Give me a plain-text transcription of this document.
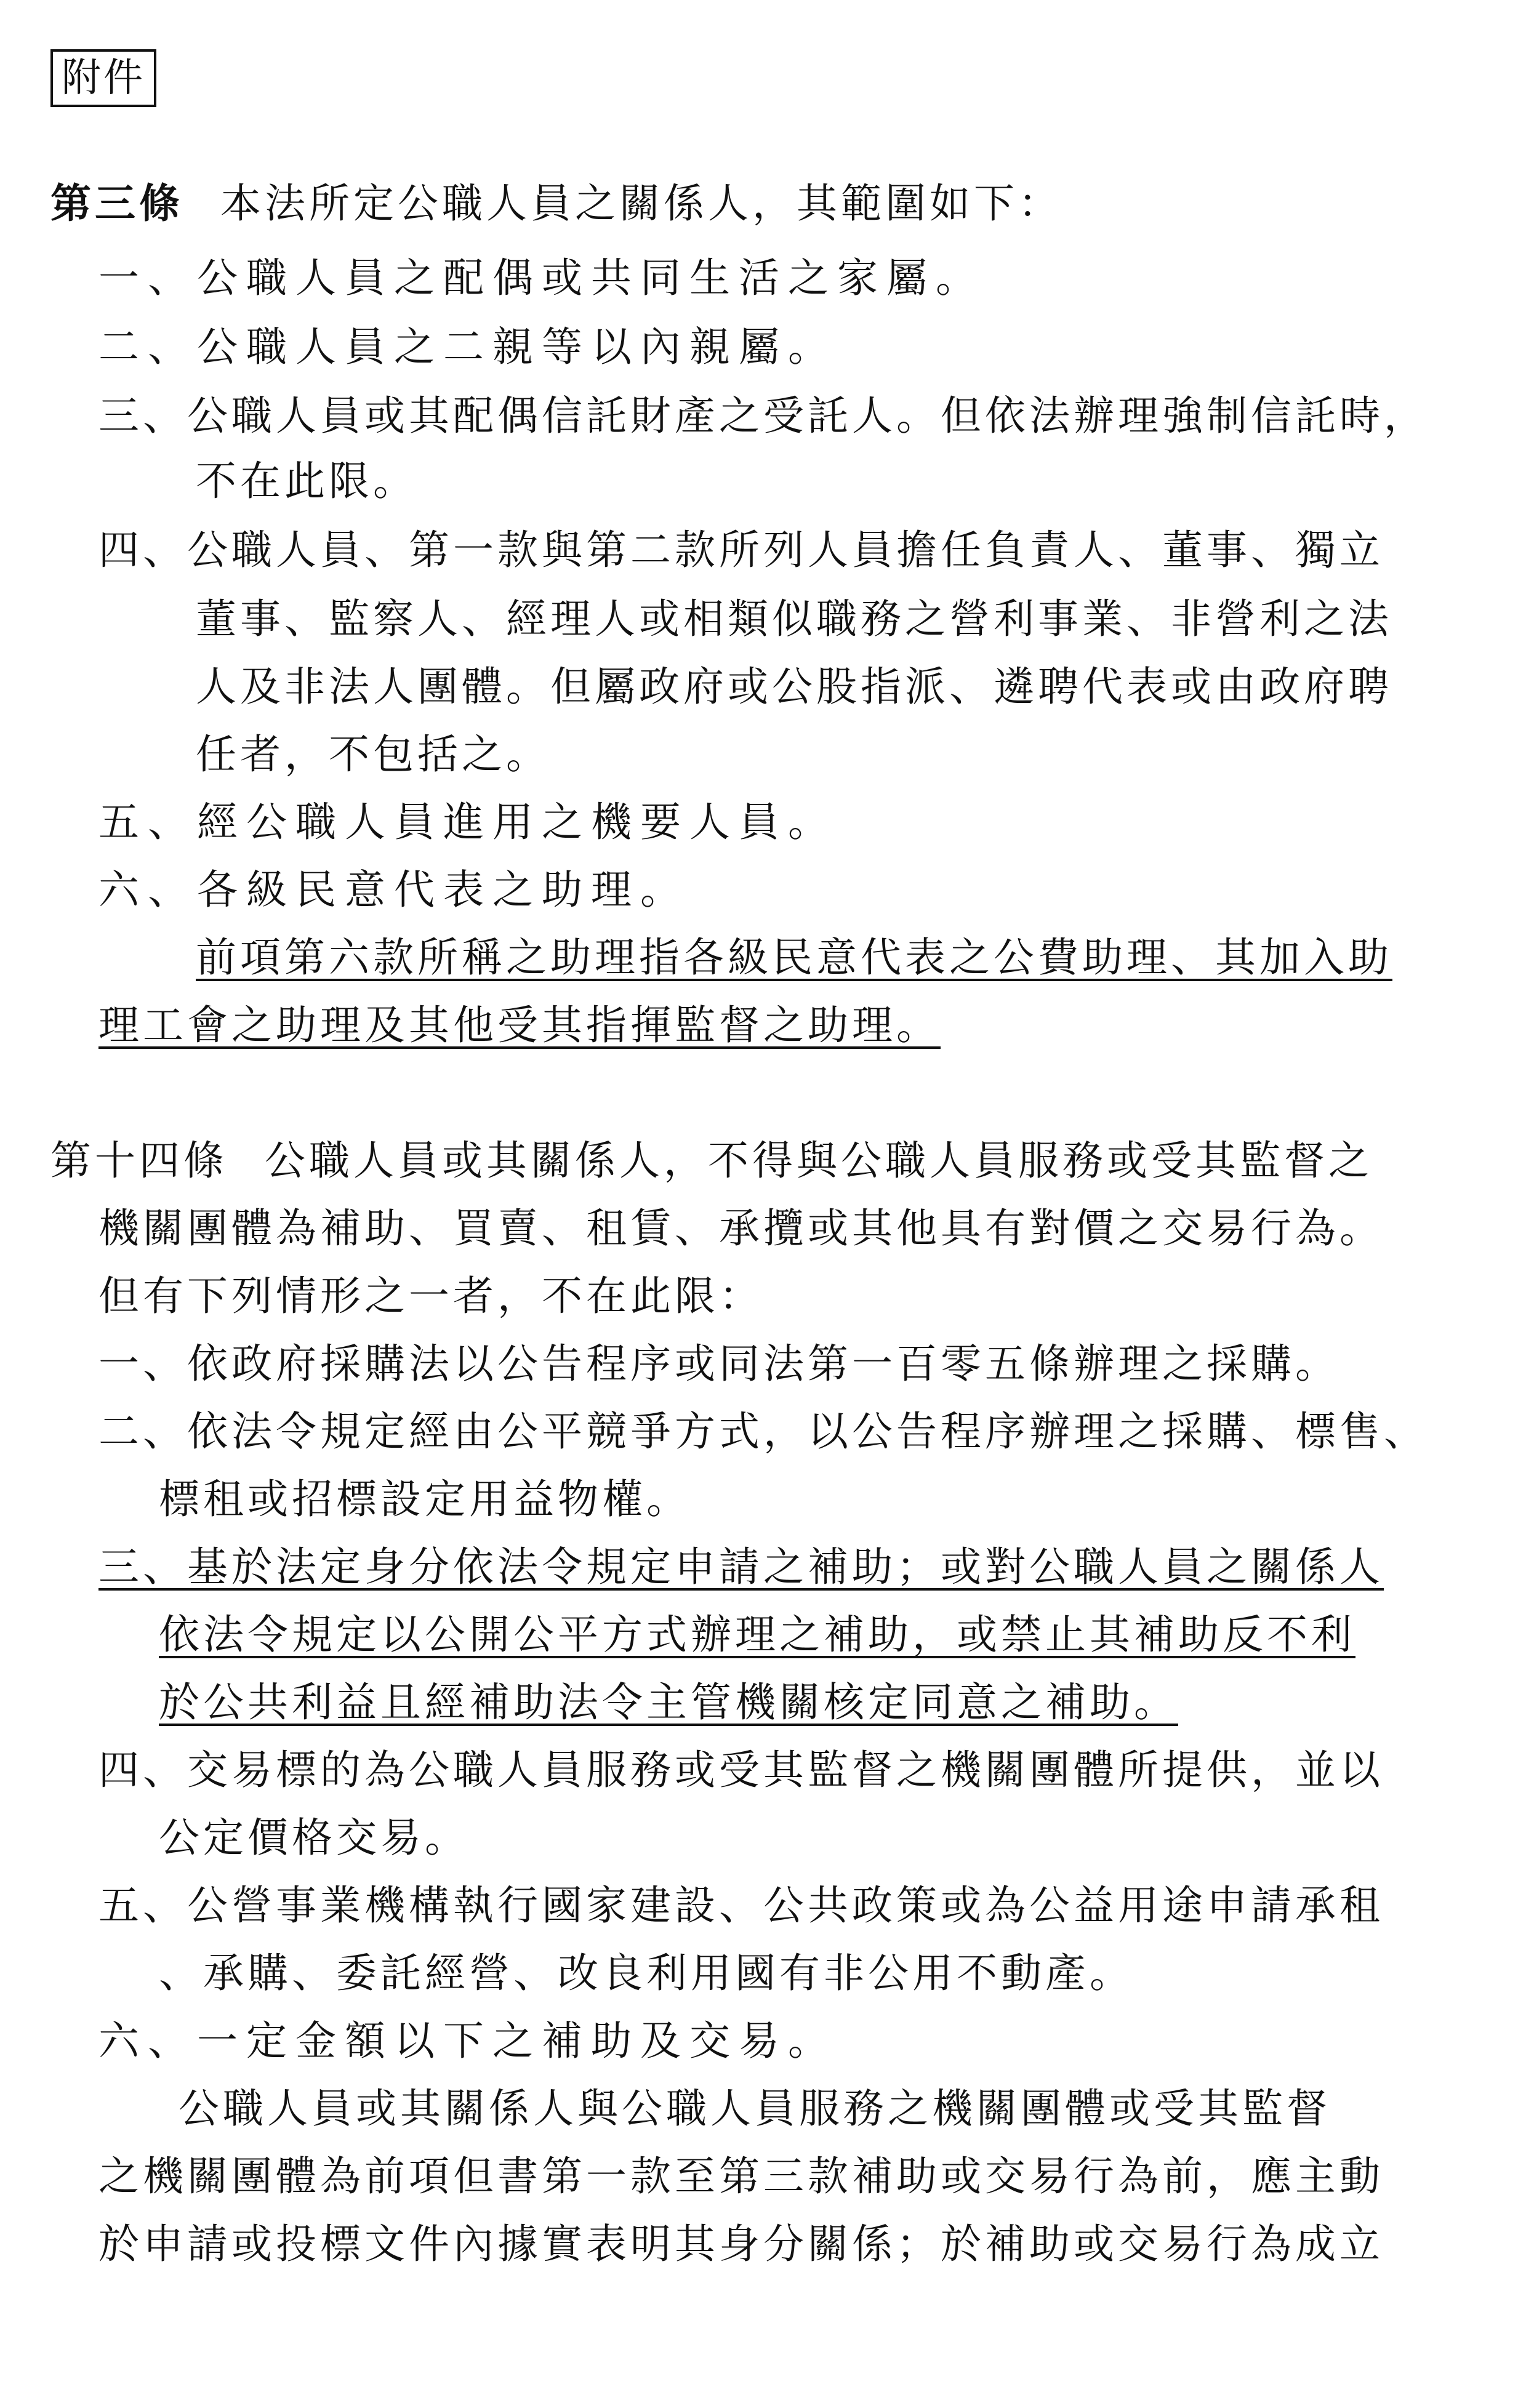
附件
第三條 本法所定公職人員之關係人，其範圍如下：
一、公職人員之配偶或共同生活之家屬。
二、公職人員之二親等以內親屬。
三、公職人員或其配偶信託財產之受託人。但依法辦理強制信託時，
不在此限。
四、公職人員、第一款與第二款所列人員擔任負責人、董事、獨立
董事、監察人、經理人或相類似職務之營利事業、非營利之法
人及非法人團體。但屬政府或公股指派、遴聘代表或由政府聘
任者，不包括之。
五、經公職人員進用之機要人員。
六、各級民意代表之助理。
前項第六款所稱之助理指各級民意代表之公費助理、其加入助
理工會之助理及其他受其指揮監督之助理。
第十四條 公職人員或其關係人，不得與公職人員服務或受其監督之
機關團體為補助、買賣、租賃、承攬或其他具有對價之交易行為。
但有下列情形之一者，不在此限：
一、依政府採購法以公告程序或同法第一百零五條辦理之採購。
二、依法令規定經由公平競爭方式，以公告程序辦理之採購、標售、
標租或招標設定用益物權。
三、基於法定身分依法令規定申請之補助；或對公職人員之關係人
依法令規定以公開公平方式辦理之補助，或禁止其補助反不利
於公共利益且經補助法令主管機關核定同意之補助。
四、交易標的為公職人員服務或受其監督之機關團體所提供，並以
公定價格交易。
五、公營事業機構執行國家建設、公共政策或為公益用途申請承租
、承購、委託經營、改良利用國有非公用不動產。
六、一定金額以下之補助及交易。
公職人員或其關係人與公職人員服務之機關團體或受其監督
之機關團體為前項但書第一款至第三款補助或交易行為前，應主動
於申請或投標文件內據實表明其身分關係；於補助或交易行為成立
